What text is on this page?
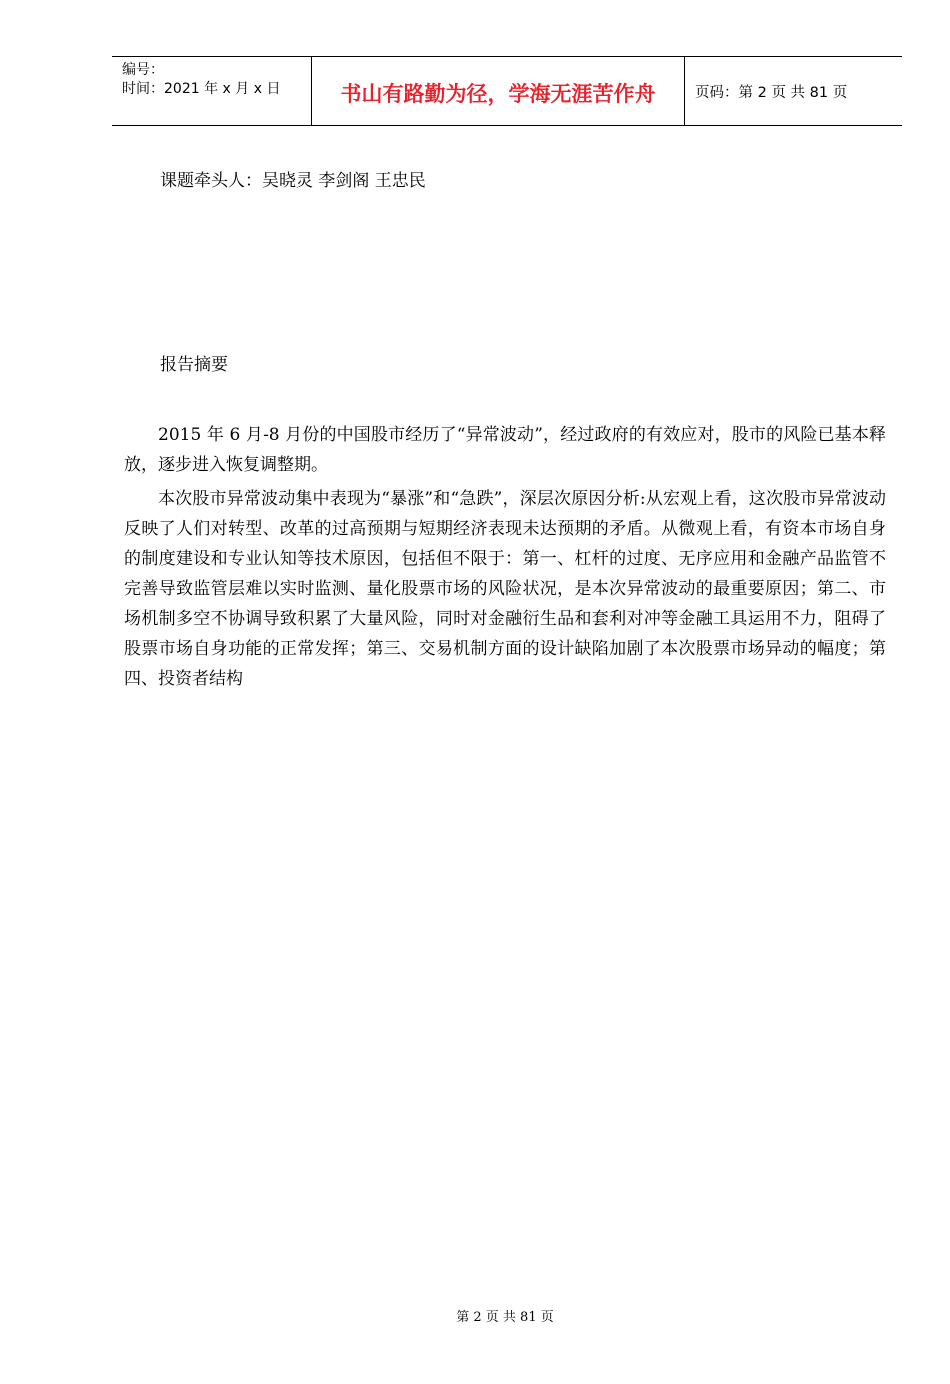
编号：
时间：2021 年 x 月 x 日	书山有路勤为径，学海无涯苦作舟	页码：第 2 页 共 81 页
课题牵头人：吴晓灵 李剑阁 王忠民
报告摘要
2015 年 6 月-8 月份的中国股市经历了“异常波动”，经过政府的有效应对，股市的风险已基本释放，逐步进入恢复调整期。
本次股市异常波动集中表现为“暴涨”和“急跌”，深层次原因分析:从宏观上看，这次股市异常波动反映了人们对转型、改革的过高预期与短期经济表现未达预期的矛盾。从微观上看，有资本市场自身的制度建设和专业认知等技术原因，包括但不限于：第一、杠杆的过度、无序应用和金融产品监管不完善导致监管层难以实时监测、量化股票市场的风险状况，是本次异常波动的最重要原因；第二、市场机制多空不协调导致积累了大量风险，同时对金融衍生品和套利对冲等金融工具运用不力，阻碍了股票市场自身功能的正常发挥；第三、交易机制方面的设计缺陷加剧了本次股票市场异动的幅度；第四、投资者结构
第 2 页 共 81 页
